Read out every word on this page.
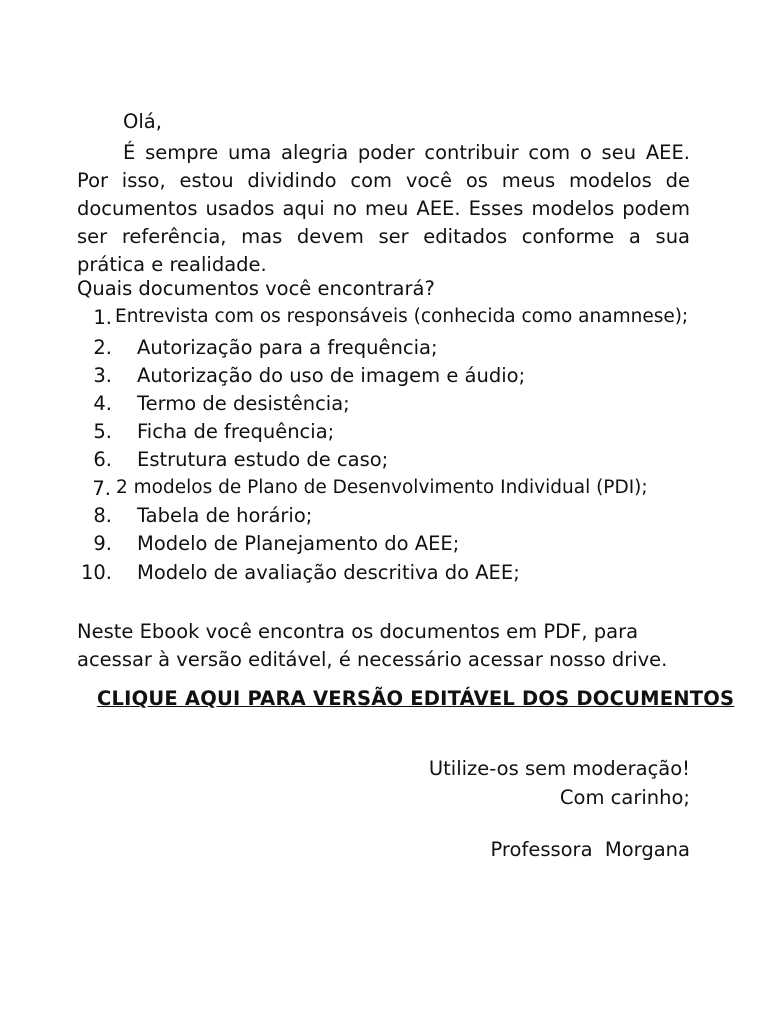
Olá,

É sempre uma alegria poder contribuir com o seu AEE. Por isso, estou dividindo com você os meus modelos de documentos usados aqui no meu AEE. Esses modelos podem ser referência, mas devem ser editados conforme a sua prática e realidade.

Quais documentos você encontrará?
1. Entrevista com os responsáveis (conhecida como anamnese);
2. Autorização para a frequência;
3. Autorização do uso de imagem e áudio;
4. Termo de desistência;
5. Ficha de frequência;
6. Estrutura estudo de caso;
7. 2 modelos de Plano de Desenvolvimento Individual (PDI);
8. Tabela de horário;
9. Modelo de Planejamento do AEE;
10. Modelo de avaliação descritiva do AEE;

Neste Ebook você encontra os documentos em PDF, para acessar à versão editável, é necessário acessar nosso drive.

CLIQUE AQUI PARA VERSÃO EDITÁVEL DOS DOCUMENTOS
Utilize-os sem moderação!
Com carinho;
Professora  Morgana
